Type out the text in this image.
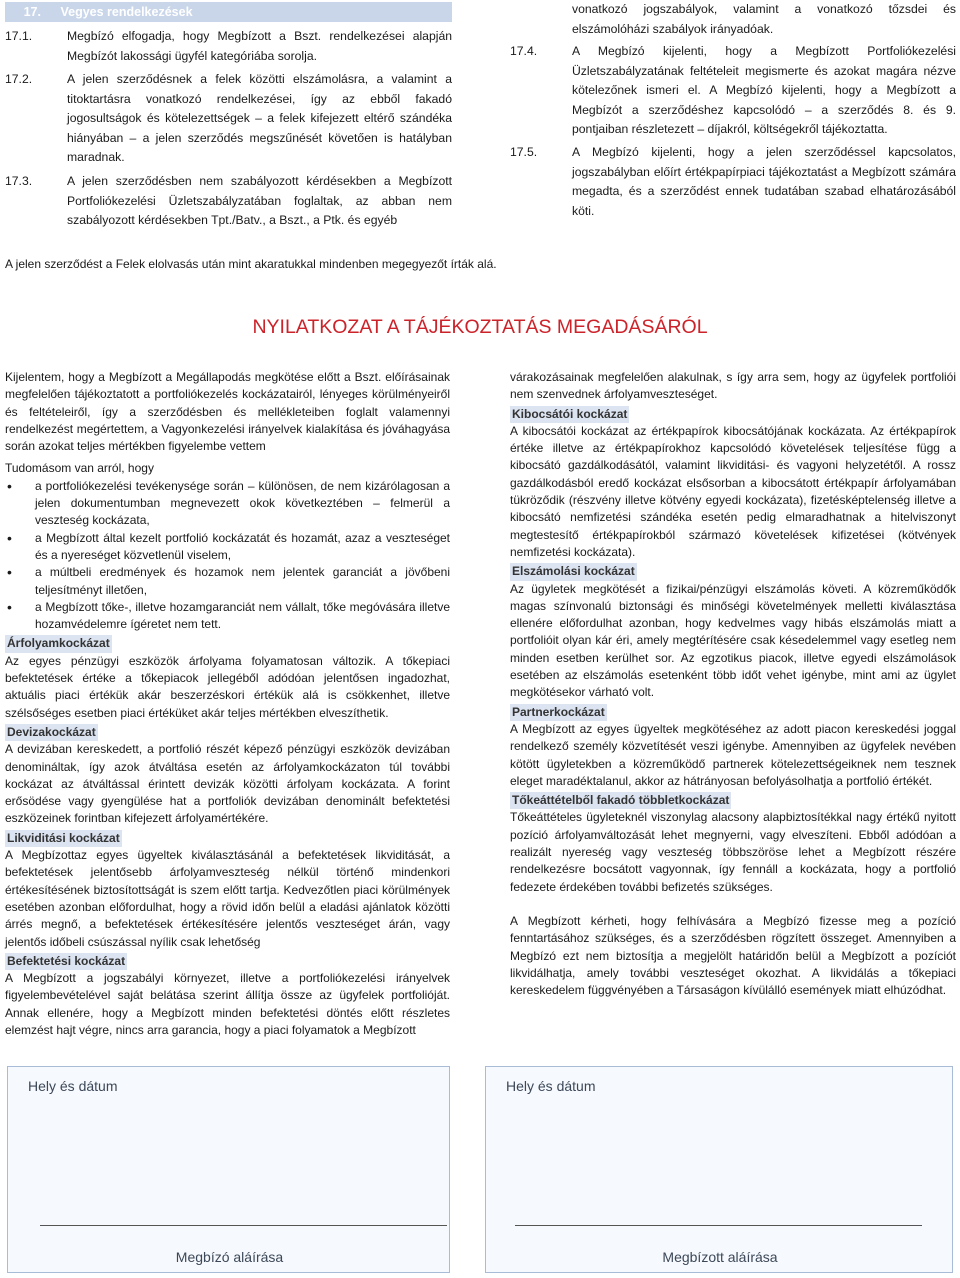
17. Vegyes rendelkezések
17.1.	Megbízó elfogadja, hogy Megbízott a Bszt. rendelkezései alapján Megbízót lakossági ügyfél kategóriába sorolja.
17.2.	A jelen szerződésnek a felek közötti elszámolásra, a valamint a titoktartásra vonatkozó rendelkezései, így az ebből fakadó jogosultságok és kötelezettségek – a felek kifejezett eltérő szándéka hiányában – a jelen szerződés megszűnését követően is hatályban maradnak.
17.3.	A jelen szerződésben nem szabályozott kérdésekben a Megbízott Portfoliókezelési Üzletszabályzatában foglaltak, az abban nem szabályozott kérdésekben Tpt./Batv., a Bszt., a Ptk. és egyéb
vonatkozó jogszabályok, valamint a vonatkozó tőzsdei és elszámolóházi szabályok irányadóak.
17.4.	A Megbízó kijelenti, hogy a Megbízott Portfoliókezelési Üzletszabályzatának feltételeit megismerte és azokat magára nézve kötelezőnek ismeri el. A Megbízó kijelenti, hogy a Megbízott a Megbízót a szerződéshez kapcsolódó – a szerződés 8. és 9. pontjaiban részletezett – díjakról, költségekről tájékoztatta.
17.5.	A Megbízó kijelenti, hogy a jelen szerződéssel kapcsolatos, jogszabályban előírt értékpapírpiaci tájékoztatást a Megbízott számára megadta, és a szerződést ennek tudatában szabad elhatározásából köti.
A jelen szerződést a Felek elolvasás után mint akaratukkal mindenben megegyezőt írták alá.
NYILATKOZAT A TÁJÉKOZTATÁS MEGADÁSÁRÓL

Kijelentem, hogy a Megbízott a Megállapodás megkötése előtt a Bszt. előírásainak megfelelően tájékoztatott a portfoliókezelés kockázatairól, lényeges körülményeiről és feltételeiről, így a szerződésben és mellékleteiben foglalt valamennyi rendelkezést megértettem, a Vagyonkezelési irányelvek kialakítása és jóváhagyása során azokat teljes mértékben figyelembe vettem

Tudomásom van arról, hogy

• a portfoliókezelési tevékenysége során – különösen, de nem kizárólagosan a jelen dokumentumban megnevezett okok következtében – felmerül a veszteség kockázata,
• a Megbízott által kezelt portfolió kockázatát és hozamát, azaz a veszteséget és a nyereséget közvetlenül viselem,
• a múltbeli eredmények és hozamok nem jelentek garanciát a jövőbeni teljesítményt illetően,
• a Megbízott tőke-, illetve hozamgaranciát nem vállalt, tőke megóvására illetve hozamvédelemre ígéretet nem tett.
Árfolyamkockázat

Az egyes pénzügyi eszközök árfolyama folyamatosan változik. A tőkepiaci befektetések értéke a tőkepiacok jellegéből adódóan jelentősen ingadozhat, aktuális piaci értékük akár beszerzéskori értékük alá is csökkenhet, illetve szélsőséges esetben piaci értéküket akár teljes mértékben elveszíthetik.

Devizakockázat

A devizában kereskedett, a portfolió részét képező pénzügyi eszközök devizában denomináltak, így azok átváltása esetén az árfolyamkockázaton túl további kockázat az átváltással érintett devizák közötti árfolyam kockázata. A forint erősödése vagy gyengülése hat a portfoliók devizában denominált befektetési eszközeinek forintban kifejezett árfolyamértékére.

Likviditási kockázat

A Megbízottaz egyes ügyeltek kiválasztásánál a befektetések likviditását, a befektetések jelentősebb árfolyamveszteség nélkül történő mindenkori értékesítésének biztosítottságát is szem előtt tartja. Kedvezőtlen piaci körülmények esetében azonban előfordulhat, hogy a rövid időn belül a eladási ajánlatok közötti árrés megnő, a befektetések értékesítésére jelentős veszteséget árán, vagy jelentős időbeli csúszással nyílik csak lehetőség

Befektetési kockázat

A Megbízott a jogszabályi környezet, illetve a portfoliókezelési irányelvek figyelembevételével saját belátása szerint állítja össze az ügyfelek portfolióját. Annak ellenére, hogy a Megbízott minden befektetési döntés előtt részletes elemzést hajt végre, nincs arra garancia, hogy a piaci folyamatok a Megbízott

várakozásainak megfelelően alakulnak, s így arra sem, hogy az ügyfelek portfoliói nem szenvednek árfolyamveszteséget.

Kibocsátói kockázat

A kibocsátói kockázat az értékpapírok kibocsátójának kockázata. Az értékpapírok értéke illetve az értékpapírokhoz kapcsolódó követelések teljesítése függ a kibocsátó gazdálkodásától, valamint likviditási- és vagyoni helyzetétől. A rossz gazdálkodásból eredő kockázat elsősorban a kibocsátott értékpapír árfolyamában tükröződik (részvény illetve kötvény egyedi kockázata), fizetésképtelenség illetve a kibocsátó nemfizetési szándéka esetén pedig elmaradhatnak a hitelviszonyt megtestesítő értékpapírokból származó követelések kifizetései (kötvények nemfizetési kockázata).

Elszámolási kockázat

Az ügyletek megkötését a fizikai/pénzügyi elszámolás követi. A közreműködők magas színvonalú biztonsági és minőségi követelmények melletti kiválasztása ellenére előfordulhat azonban, hogy kedvelmes vagy hibás elszámolás miatt a portfolióit olyan kár éri, amely megtérítésére csak késedelemmel vagy esetleg nem minden esetben kerülhet sor. Az egzotikus piacok, illetve egyedi elszámolások esetében az elszámolás esetenként több időt vehet igénybe, mint ami az ügylet megkötésekor várható volt.

Partnerkockázat

A Megbízott az egyes ügyeltek megkötéséhez az adott piacon kereskedési joggal rendelkező személy közvetítését veszi igénybe. Amennyiben az ügyfelek nevében kötött ügyletekben a közreműködő partnerek kötelezettségeiknek nem tesznek eleget maradéktalanul, akkor az hátrányosan befolyásolhatja a portfolió értékét.

Tőkeáttételből fakadó többletkockázat

Tőkeáttételes ügyleteknél viszonylag alacsony alapbiztosítékkal nagy értékű nyitott pozíció árfolyamváltozását lehet megnyerni, vagy elveszíteni. Ebből adódóan a realizált nyereség vagy veszteség többszöröse lehet a Megbízott részére rendelkezésre bocsátott vagyonnak, így fennáll a kockázata, hogy a portfolió fedezete érdekében további befizetés szükséges.

A Megbízott kérheti, hogy felhívására a Megbízó fizesse meg a pozíció fenntartásához szükséges, és a szerződésben rögzített összeget. Amennyiben a Megbízó ezt nem biztosítja a megjelölt határidőn belül a Megbízott a pozíciót likvidálhatja, amely további veszteséget okozhat. A likvidálás a tőkepiaci kereskedelem függvényében a Társaságon kívülálló események miatt elhúzódhat.

Hely és dátum
Megbízó aláírása
Hely és dátum
Megbízott aláírása
